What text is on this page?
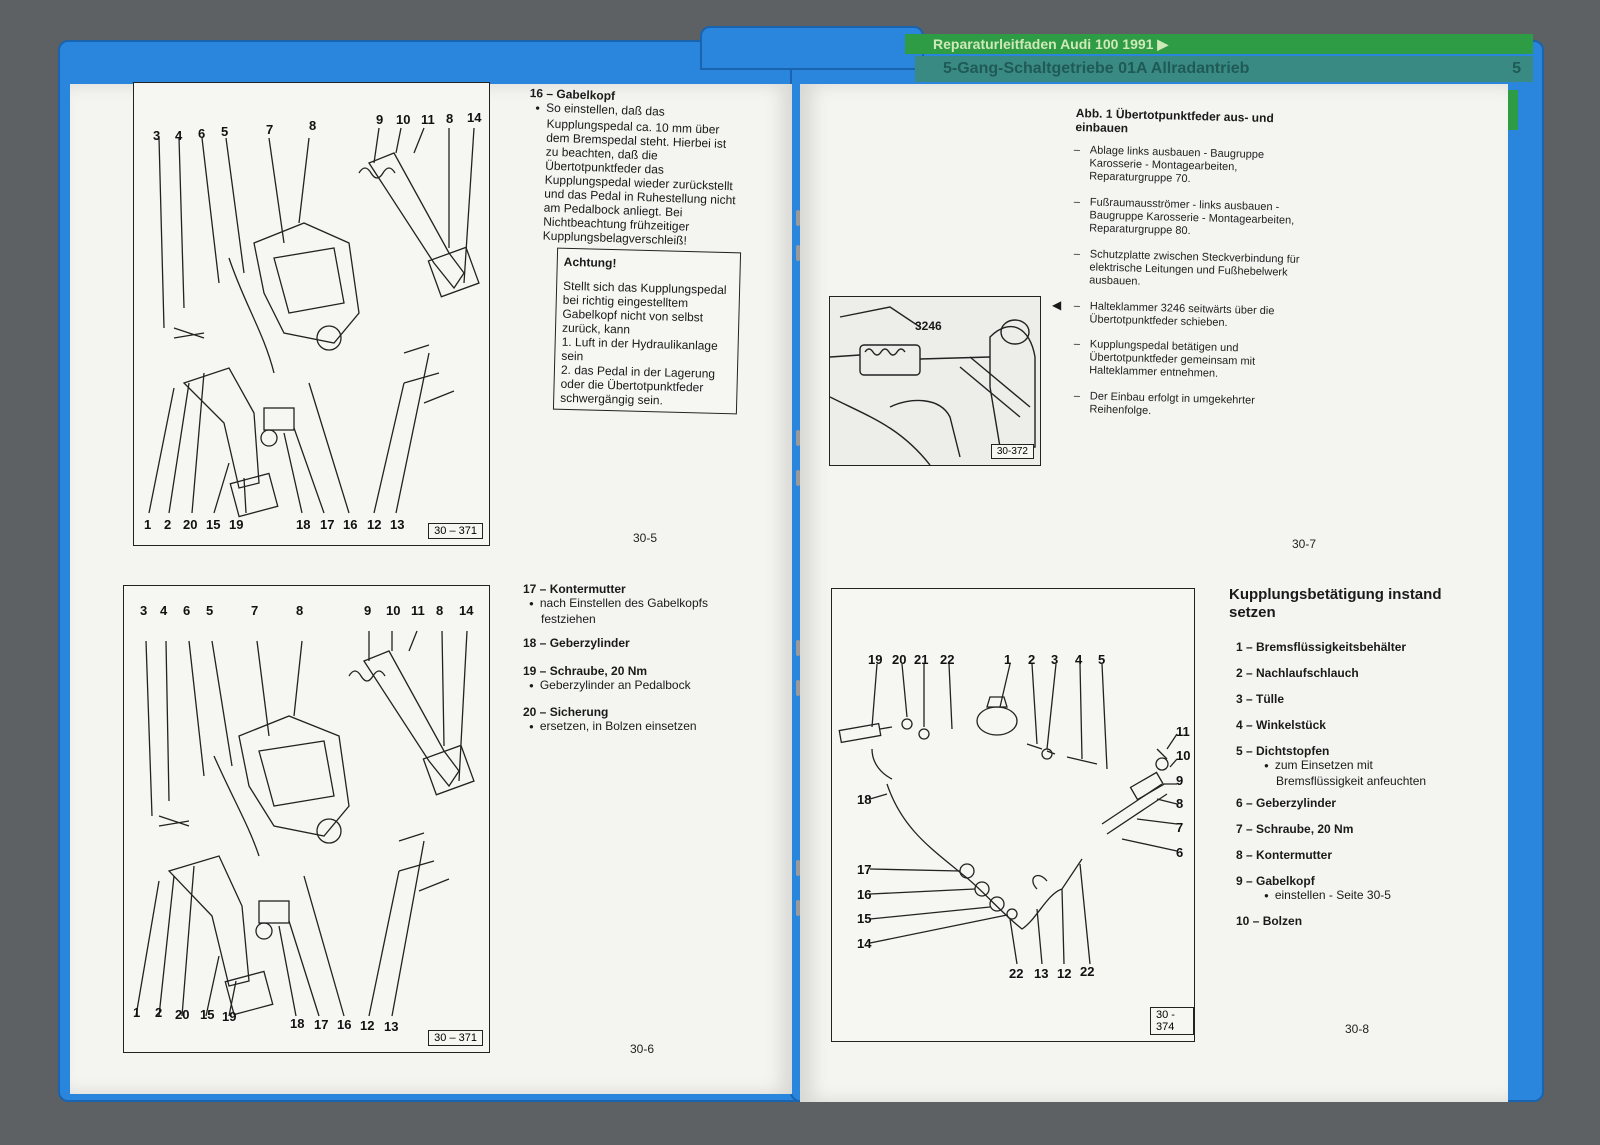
Reparaturleitfaden Audi 100 1991 ▶
5-Gang-Schaltgetriebe 01A Allradantrieb	5
30 – 371
3 4 6 5	7	8	9 10 11 8 14
1 2 20 15 19	18 17 16 12 13
16 – Gabelkopf
● So einstellen, daß das Kupplungspedal ca. 10 mm über dem Bremspedal steht. Hierbei ist zu beachten, daß die Übertotpunktfeder das Kupplungspedal wieder zurückstellt und das Pedal in Ruhestellung nicht am Pedalbock anliegt. Bei Nichtbeachtung frühzeitiger Kupplungsbelagverschleiß!
Achtung!
Stellt sich das Kupplungspedal bei richtig eingestelltem Gabelkopf nicht von selbst zurück, kann
1. Luft in der Hydraulikanlage sein
2. das Pedal in der Lagerung oder die Übertotpunktfeder schwergängig sein.
30-5
30 – 371
3 4 6 5	7	8	9 10 11 8 14
1 2 20 15 19	18 17 16 12 13
17 – Kontermutter
● nach Einstellen des Gabelkopfs festziehen
18 – Geberzylinder
19 – Schraube, 20 Nm
● Geberzylinder an Pedalbock
20 – Sicherung
● ersetzen, in Bolzen einsetzen
30-6
Abb. 1 Übertotpunktfeder aus- und einbauen
– Ablage links ausbauen - Baugruppe Karosserie - Montagearbeiten, Reparaturgruppe 70.
– Fußraumausströmer - links ausbauen - Baugruppe Karosserie - Montagearbeiten, Reparaturgruppe 80.
– Schutzplatte zwischen Steckverbindung für elektrische Leitungen und Fußhebelwerk ausbauen.
– Halteklammer 3246 seitwärts über die Übertotpunktfeder schieben.
◀
– Kupplungspedal betätigen und Übertotpunktfeder gemeinsam mit Halteklammer entnehmen.
– Der Einbau erfolgt in umgekehrter Reihenfolge.
3246
30-372
30-7
30 - 374
19 20 21 22	1 2 3 4 5
11
10
9
8
7
6
18
17
16
15
14
22 13 12 22
Kupplungsbetätigung instand setzen
1 – Bremsflüssigkeitsbehälter
2 – Nachlaufschlauch
3 – Tülle
4 – Winkelstück
5 – Dichtstopfen
● zum Einsetzen mit Bremsflüssigkeit anfeuchten
6 – Geberzylinder
7 – Schraube, 20 Nm
8 – Kontermutter
9 – Gabelkopf
● einstellen - Seite 30-5
10 – Bolzen
30-8
